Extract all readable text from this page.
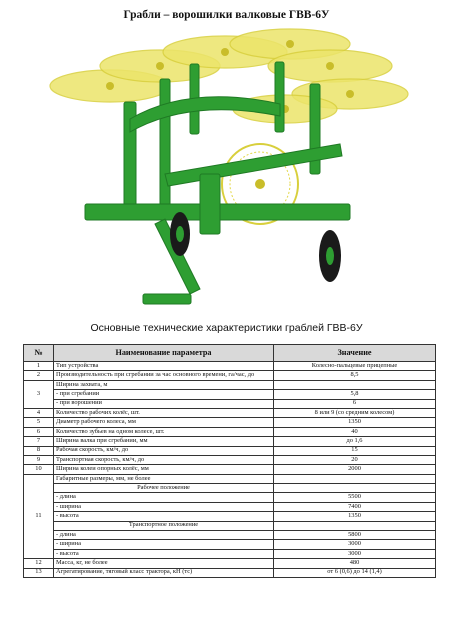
Грабли – ворошилки валковые ГВВ-6У
Основные технические характеристики граблей ГВВ-6У
№	Наименование параметра	Значение
1	Тип устройства	Колесно-пальцевые прицепные
2	Производительность при сгребании за час основного времени, га/час, до	8,5
3	Ширина захвата, м	
	- при сгребании	5,8
	- при ворошении	6
4	Количество рабочих колёс, шт.	8 или 9 (со средним колесом)
5	Диаметр рабочего колеса, мм	1350
6	Количество зубьев на одном колесе, шт.	40
7	Ширина валка при сгребании, мм	до 1,6
8	Рабочая скорость, км/ч, до	15
9	Транспортная скорость, км/ч, до	20
10	Ширина колеи опорных колёс, мм	2000
11	Габаритные размеры, мм, не более	
	Рабочее положение	
	- длина	5500
	- ширина	7400
	- высота	1350
	Транспортное положение	
	- длина	5800
	- ширина	3000
	- высота	3000
12	Масса, кг, не более	480
13	Агрегатирование, тяговый класс трактора, кН (тс)	от 6 (0,6) до 14 (1,4)
